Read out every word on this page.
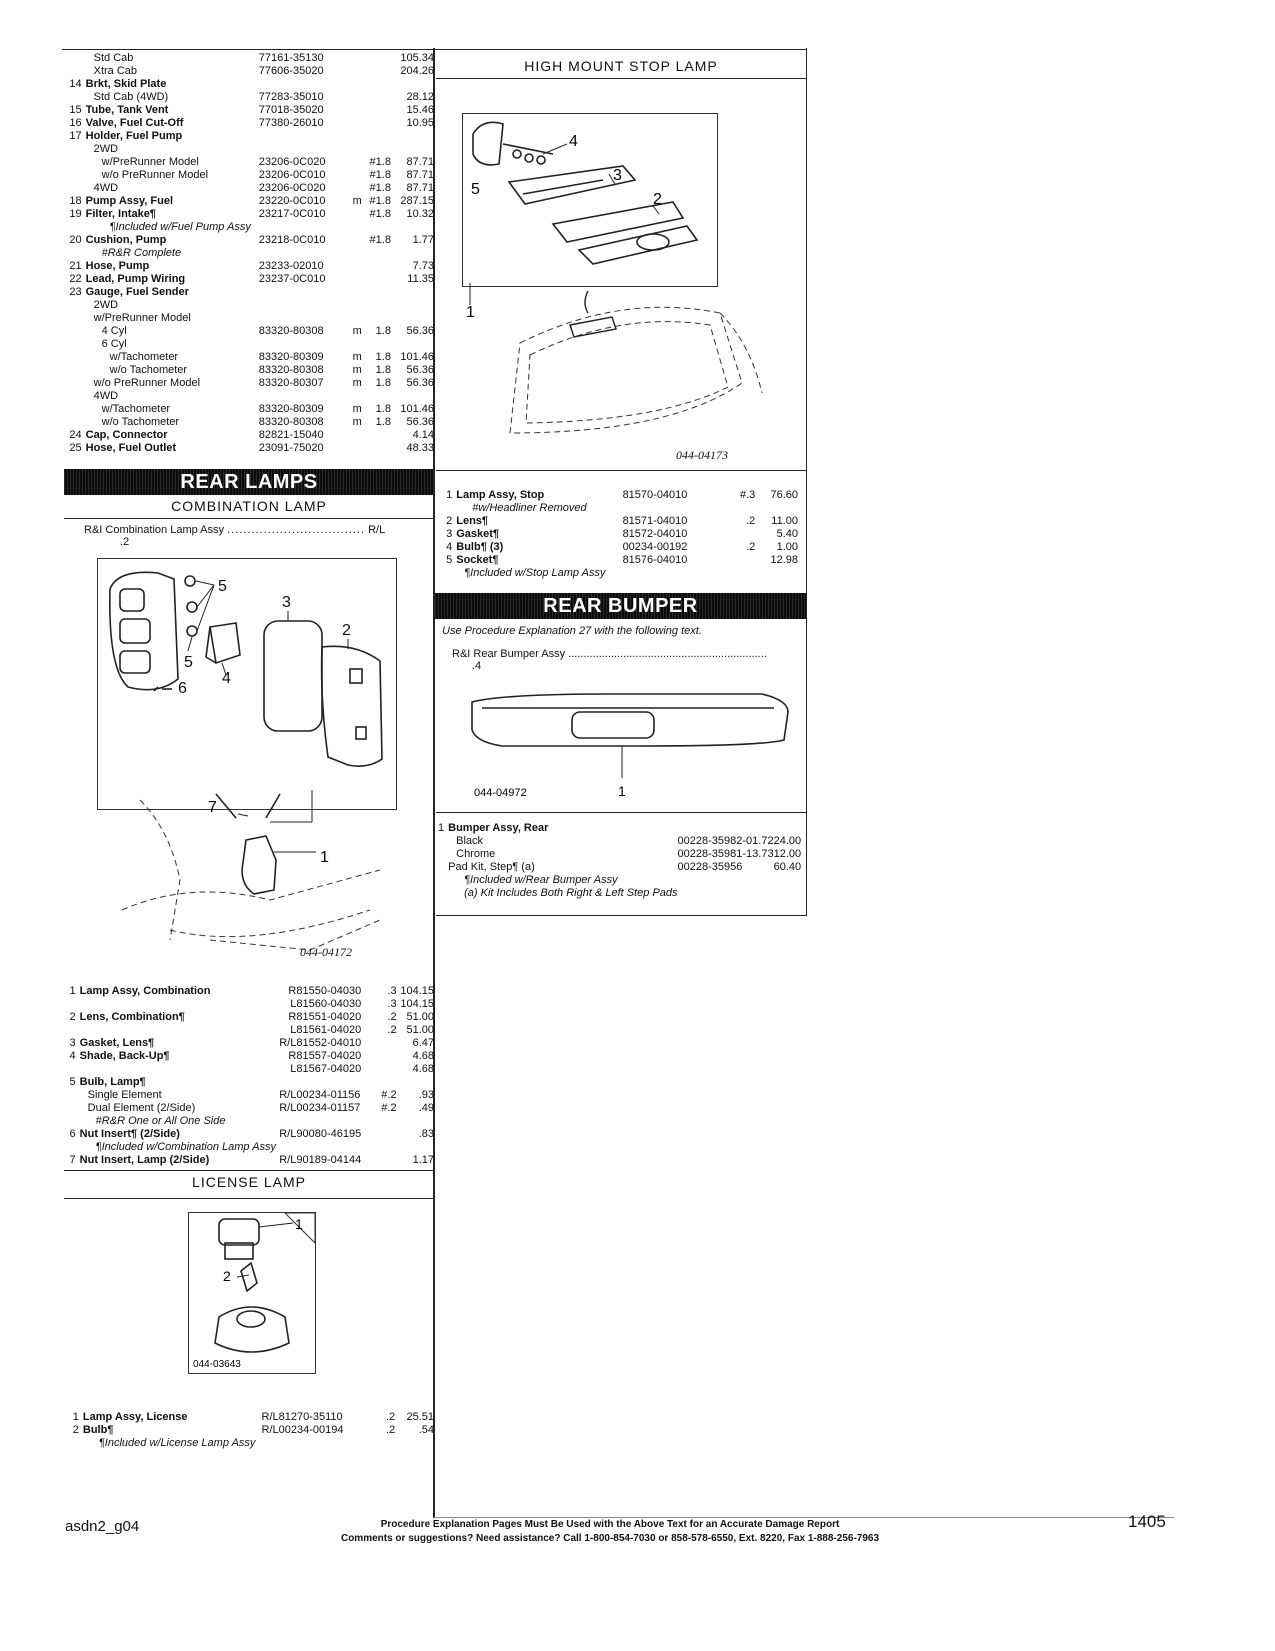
	Std Cab	77161-35130			105.34
	Xtra Cab	77606-35020			204.26
14	Brkt, Skid Plate				
	Std Cab (4WD)	77283-35010			28.12
15	Tube, Tank Vent	77018-35020			15.46
16	Valve, Fuel Cut-Off	77380-26010			10.95
17	Holder, Fuel Pump				
	2WD				
	w/PreRunner Model	23206-0C020		#1.8	87.71
	w/o PreRunner Model	23206-0C010		#1.8	87.71
	4WD	23206-0C020		#1.8	87.71
18	Pump Assy, Fuel	23220-0C010	m	#1.8	287.15
19	Filter, Intake¶	23217-0C010		#1.8	10.32
	¶Included w/Fuel Pump Assy				
20	Cushion, Pump	23218-0C010		#1.8	1.77
	#R&R Complete				
21	Hose, Pump	23233-02010			7.73
22	Lead, Pump Wiring	23237-0C010			11.35
23	Gauge, Fuel Sender				
	2WD				
	w/PreRunner Model				
	4 Cyl	83320-80308	m	1.8	56.36
	6 Cyl				
	w/Tachometer	83320-80309	m	1.8	101.46
	w/o Tachometer	83320-80308	m	1.8	56.36
	w/o PreRunner Model	83320-80307	m	1.8	56.36
	4WD				
	w/Tachometer	83320-80309	m	1.8	101.46
	w/o Tachometer	83320-80308	m	1.8	56.36
24	Cap, Connector	82821-15040			4.14
25	Hose, Fuel Outlet	23091-75020			48.33
REAR LAMPS
COMBINATION LAMP
R&I Combination Lamp Assy .................................. R/L .2
5
3
2
5
4
6
7
1
044-04172
1	Lamp Assy, Combination	R	81550-04030	.3	104.15
		L	81560-04030	.3	104.15
2	Lens, Combination¶	R	81551-04020	.2	51.00
		L	81561-04020	.2	51.00
3	Gasket, Lens¶	R/L	81552-04010		6.47
4	Shade, Back-Up¶	R	81557-04020		4.68
		L	81567-04020		4.68
5	Bulb, Lamp¶				
	Single Element	R/L	00234-01156	#.2	.93
	Dual Element (2/Side)	R/L	00234-01157	#.2	.49
	#R&R One or All One Side				
6	Nut Insert¶ (2/Side)	R/L	90080-46195		.83
	¶Included w/Combination Lamp Assy				
7	Nut Insert, Lamp (2/Side)	R/L	90189-04144		1.17
LICENSE LAMP
1
2
044-03643
1	Lamp Assy, License	R/L	81270-35110	.2	25.51
2	Bulb¶	R/L	00234-00194	.2	.54
	¶Included w/License Lamp Assy				
HIGH MOUNT STOP LAMP
4
3
5
2
1
044-04173
1	Lamp Assy, Stop	81570-04010	#.3	76.60
	#w/Headliner Removed			
2	Lens¶	81571-04010	.2	11.00
3	Gasket¶	81572-04010		5.40
4	Bulb¶ (3)	00234-00192	.2	1.00
5	Socket¶	81576-04010		12.98
	¶Included w/Stop Lamp Assy			
REAR BUMPER
Use Procedure Explanation 27 with the following text.
R&I Rear Bumper Assy ................................................................. .4
044-04972	1
1	Bumper Assy, Rear			
	Black	00228-35982-01	.7	224.00
	Chrome	00228-35981-13	.7	312.00
	Pad Kit, Step¶ (a)	00228-35956		60.40
	¶Included w/Rear Bumper Assy			
	(a) Kit Includes Both Right & Left Step Pads			
asdn2_g04	Procedure Explanation Pages Must Be Used with the Above Text for an Accurate Damage Report
Comments or suggestions? Need assistance? Call 1-800-854-7030 or 858-578-6550, Ext. 8220, Fax 1-888-256-7963
1405
